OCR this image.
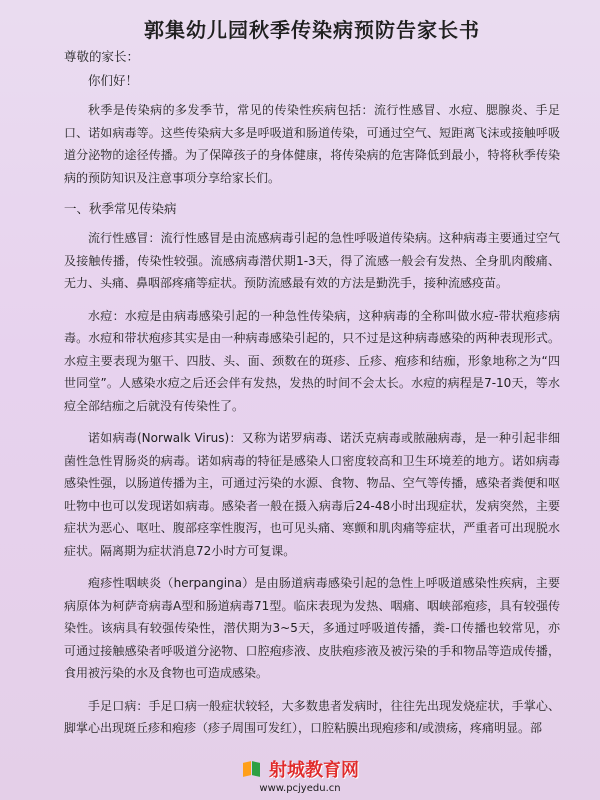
郭集幼儿园秋季传染病预防告家长书
尊敬的家长：
你们好！

秋季是传染病的多发季节，常见的传染性疾病包括：流行性感冒、水痘、腮腺炎、手足口、诺如病毒等。这些传染病大多是呼吸道和肠道传染，可通过空气、短距离飞沫或接触呼吸道分泌物的途径传播。为了保障孩子的身体健康，将传染病的危害降低到最小，特将秋季传染病的预防知识及注意事项分享给家长们。

一、秋季常见传染病

流行性感冒：流行性感冒是由流感病毒引起的急性呼吸道传染病。这种病毒主要通过空气及接触传播，传染性较强。流感病毒潜伏期1-3天，得了流感一般会有发热、全身肌肉酸痛、无力、头痛、鼻咽部疼痛等症状。预防流感最有效的方法是勤洗手，接种流感疫苗。

水痘：水痘是由病毒感染引起的一种急性传染病，这种病毒的全称叫做水痘-带状疱疹病毒。水痘和带状疱疹其实是由一种病毒感染引起的，只不过是这种病毒感染的两种表现形式。水痘主要表现为躯干、四肢、头、面、颈数在的斑疹、丘疹、疱疹和结痂，形象地称之为“四世同堂”。人感染水痘之后还会伴有发热，发热的时间不会太长。水痘的病程是7-10天，等水痘全部结痂之后就没有传染性了。

诺如病毒(Norwalk Virus)：又称为诺罗病毒、诺沃克病毒或脓融病毒，是一种引起非细菌性急性胃肠炎的病毒。诺如病毒的特征是感染人口密度较高和卫生环境差的地方。诺如病毒感染性强，以肠道传播为主，可通过污染的水源、食物、物品、空气等传播，感染者粪便和呕吐物中也可以发现诺如病毒。感染者一般在摄入病毒后24-48小时出现症状，发病突然，主要症状为恶心、呕吐、腹部痉挛性腹泻，也可见头痛、寒颤和肌肉痛等症状，严重者可出现脱水症状。隔离期为症状消息72小时方可复课。

疱疹性咽峡炎（herpangina）是由肠道病毒感染引起的急性上呼吸道感染性疾病，主要病原体为柯萨奇病毒A型和肠道病毒71型。临床表现为发热、咽痛、咽峡部疱疹，具有较强传染性。该病具有较强传染性，潜伏期为3~5天，多通过呼吸道传播，粪-口传播也较常见，亦可通过接触感染者呼吸道分泌物、口腔疱疹液、皮肤疱疹液及被污染的手和物品等造成传播，食用被污染的水及食物也可造成感染。

手足口病：手足口病一般症状较轻，大多数患者发病时，往往先出现发烧症状，手掌心、脚掌心出现斑丘疹和疱疹（疹子周围可发红），口腔粘膜出现疱疹和/或溃疡，疼痛明显。部

射城教育网
www.pcjyedu.cn
